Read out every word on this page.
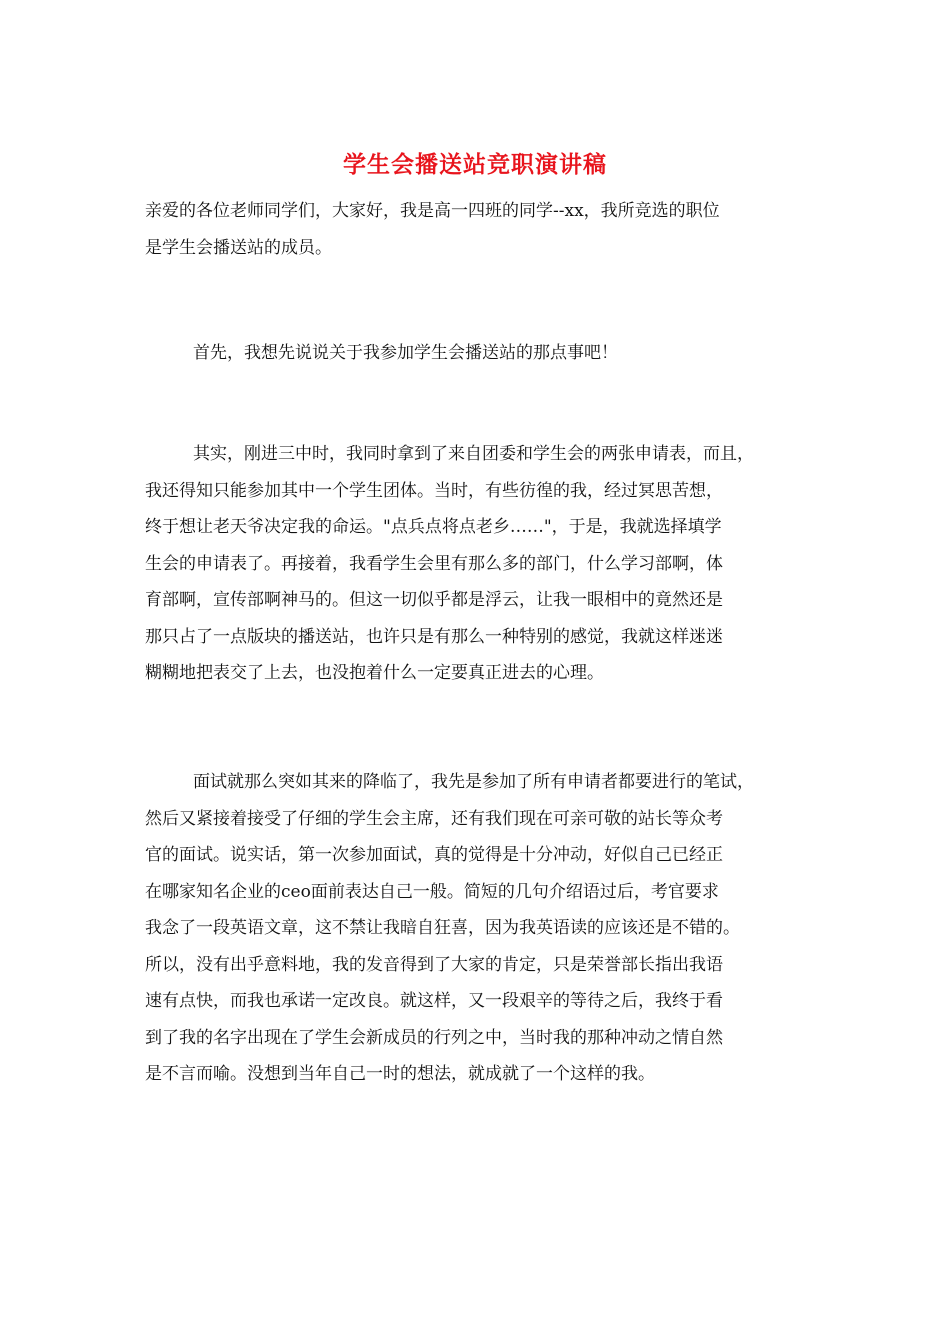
学生会播送站竞职演讲稿
亲爱的各位老师同学们，大家好，我是高一四班的同学--xx，我所竞选的职位
是学生会播送站的成员。
首先，我想先说说关于我参加学生会播送站的那点事吧！
其实，刚进三中时，我同时拿到了来自团委和学生会的两张申请表，而且，
我还得知只能参加其中一个学生团体。当时，有些彷徨的我，经过冥思苦想，
终于想让老天爷决定我的命运。"点兵点将点老乡……"，于是，我就选择填学
生会的申请表了。再接着，我看学生会里有那么多的部门，什么学习部啊，体
育部啊，宣传部啊神马的。但这一切似乎都是浮云，让我一眼相中的竟然还是
那只占了一点版块的播送站，也许只是有那么一种特别的感觉，我就这样迷迷
糊糊地把表交了上去，也没抱着什么一定要真正进去的心理。
面试就那么突如其来的降临了，我先是参加了所有申请者都要进行的笔试，
然后又紧接着接受了仔细的学生会主席，还有我们现在可亲可敬的站长等众考
官的面试。说实话，第一次参加面试，真的觉得是十分冲动，好似自己已经正
在哪家知名企业的ceo面前表达自己一般。简短的几句介绍语过后，考官要求
我念了一段英语文章，这不禁让我暗自狂喜，因为我英语读的应该还是不错的。
所以，没有出乎意料地，我的发音得到了大家的肯定，只是荣誉部长指出我语
速有点快，而我也承诺一定改良。就这样，又一段艰辛的等待之后，我终于看
到了我的名字出现在了学生会新成员的行列之中，当时我的那种冲动之情自然
是不言而喻。没想到当年自己一时的想法，就成就了一个这样的我。
